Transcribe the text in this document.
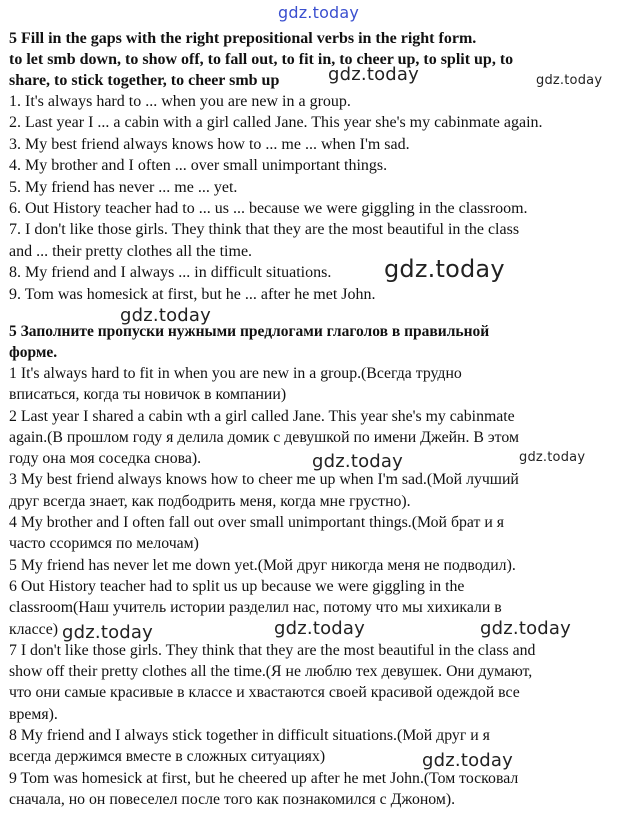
gdz.today

5 Fill in the gaps with the right prepositional verbs in the right form.

to let smb down, to show off, to fall out, to fit in, to cheer up, to split up, to

share, to stick together, to cheer smb up

1. It's always hard to ... when you are new in a group.

2. Last year I ... a cabin with a girl called Jane. This year she's my cabinmate again.

3. My best friend always knows how to ... me ... when I'm sad.

4. My brother and I often ... over small unimportant things.

5. My friend has never ... me ... yet.

6. Out History teacher had to ... us ... because we were giggling in the classroom.

7. I don't like those girls. They think that they are the most beautiful in the class

and ... their pretty clothes all the time.

8. My friend and I always ... in difficult situations.

9. Tom was homesick at first, but he ... after he met John.

5 Заполните пропуски нужными предлогами глаголов в правильной

форме.

1 It's always hard to fit in when you are new in a group.(Всегда трудно

вписаться, когда ты новичок в компании)

2 Last year I shared a cabin wth a girl called Jane. This year she's my cabinmate

again.(В прошлом году я делила домик с девушкой по имени Джейн. В этом

году она моя соседка снова).

3 My best friend always knows how to cheer me up when I'm sad.(Мой лучший

друг всегда знает, как подбодрить меня, когда мне грустно).

4 My brother and I often fall out over small unimportant things.(Мой брат и я

часто ссоримся по мелочам)

5 My friend has never let me down yet.(Мой друг никогда меня не подводил).

6 Out History teacher had to split us up because we were giggling in the

classroom(Наш учитель истории разделил нас, потому что мы хихикали в

классе)

7 I don't like those girls. They think that they are the most beautiful in the class and

show off their pretty clothes all the time.(Я не люблю тех девушек. Они думают,

что они самые красивые в классе и хвастаются своей красивой одеждой все

время).

8 My friend and I always stick together in difficult situations.(Мой друг и я

всегда держимся вместе в сложных ситуациях)

9 Tom was homesick at first, but he cheered up after he met John.(Том тосковал

сначала, но он повеселел после того как познакомился с Джоном).

gdz.today	gdz.today
gdz.today
gdz.today
gdz.today	gdz.today
gdz.today	gdz.today	gdz.today
gdz.today
